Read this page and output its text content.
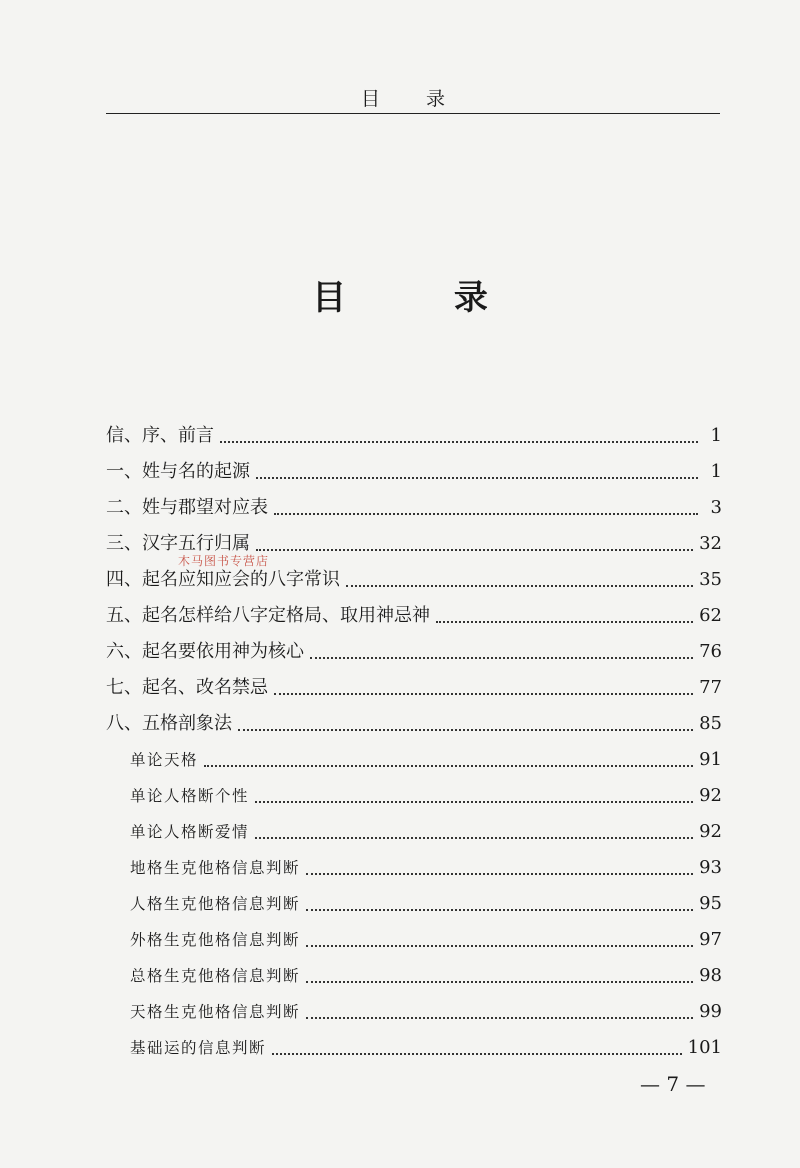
目 录
目 录
信、序、前言	1
一、姓与名的起源	1
二、姓与郡望对应表	3
三、汉字五行归属	32
四、起名应知应会的八字常识	35
五、起名怎样给八字定格局、取用神忌神	62
六、起名要依用神为核心	76
七、起名、改名禁忌	77
八、五格剖象法	85
单论天格	91
单论人格断个性	92
单论人格断爱情	92
地格生克他格信息判断	93
人格生克他格信息判断	95
外格生克他格信息判断	97
总格生克他格信息判断	98
天格生克他格信息判断	99
基础运的信息判断	101
木马图书专营店
— 7 —
